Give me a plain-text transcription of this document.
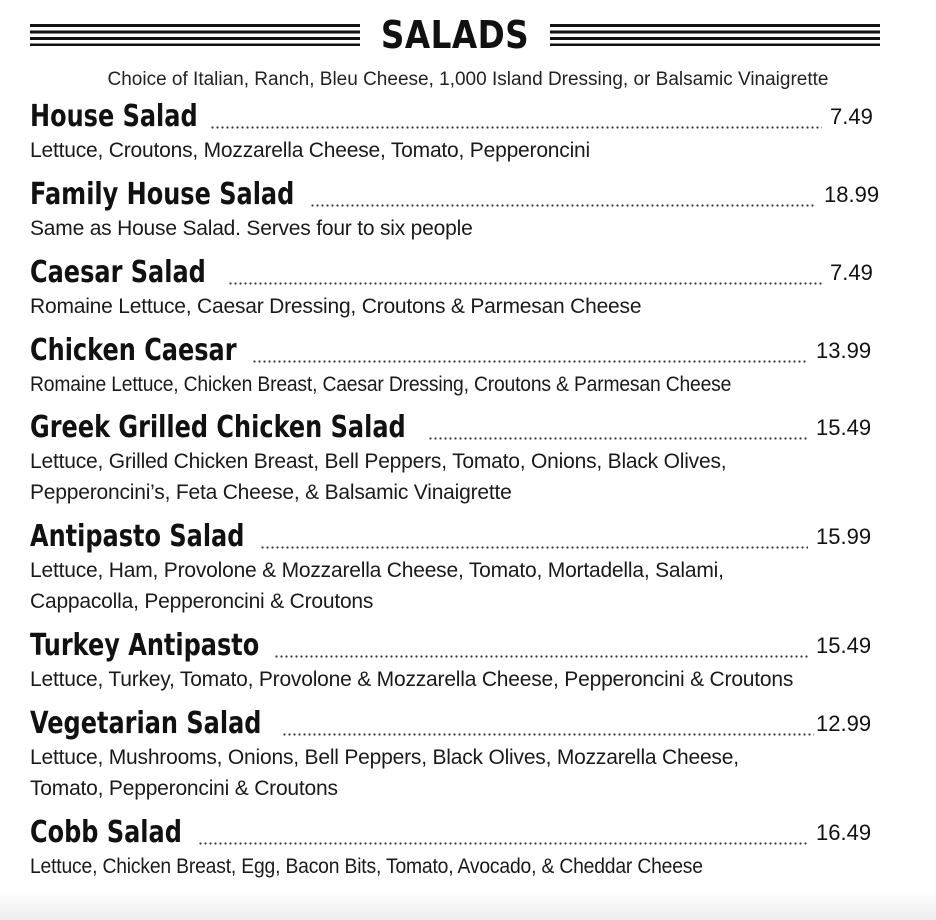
SALADS
Choice of Italian, Ranch, Bleu Cheese, 1,000 Island Dressing, or Balsamic Vinaigrette
House Salad	7.49
Lettuce, Croutons, Mozzarella Cheese, Tomato, Pepperoncini
Family House Salad	18.99
Same as House Salad. Serves four to six people
Caesar Salad	7.49
Romaine Lettuce, Caesar Dressing, Croutons & Parmesan Cheese
Chicken Caesar	13.99
Romaine Lettuce, Chicken Breast, Caesar Dressing, Croutons & Parmesan Cheese
Greek Grilled Chicken Salad	15.49
Lettuce, Grilled Chicken Breast, Bell Peppers, Tomato, Onions, Black Olives,
Pepperoncini’s, Feta Cheese, & Balsamic Vinaigrette
Antipasto Salad	15.99
Lettuce, Ham, Provolone & Mozzarella Cheese, Tomato, Mortadella, Salami,
Cappacolla, Pepperoncini & Croutons
Turkey Antipasto	15.49
Lettuce, Turkey, Tomato, Provolone & Mozzarella Cheese, Pepperoncini & Croutons
Vegetarian Salad	12.99
Lettuce, Mushrooms, Onions, Bell Peppers, Black Olives, Mozzarella Cheese,
Tomato, Pepperoncini & Croutons
Cobb Salad	16.49
Lettuce, Chicken Breast, Egg, Bacon Bits, Tomato, Avocado, & Cheddar Cheese
